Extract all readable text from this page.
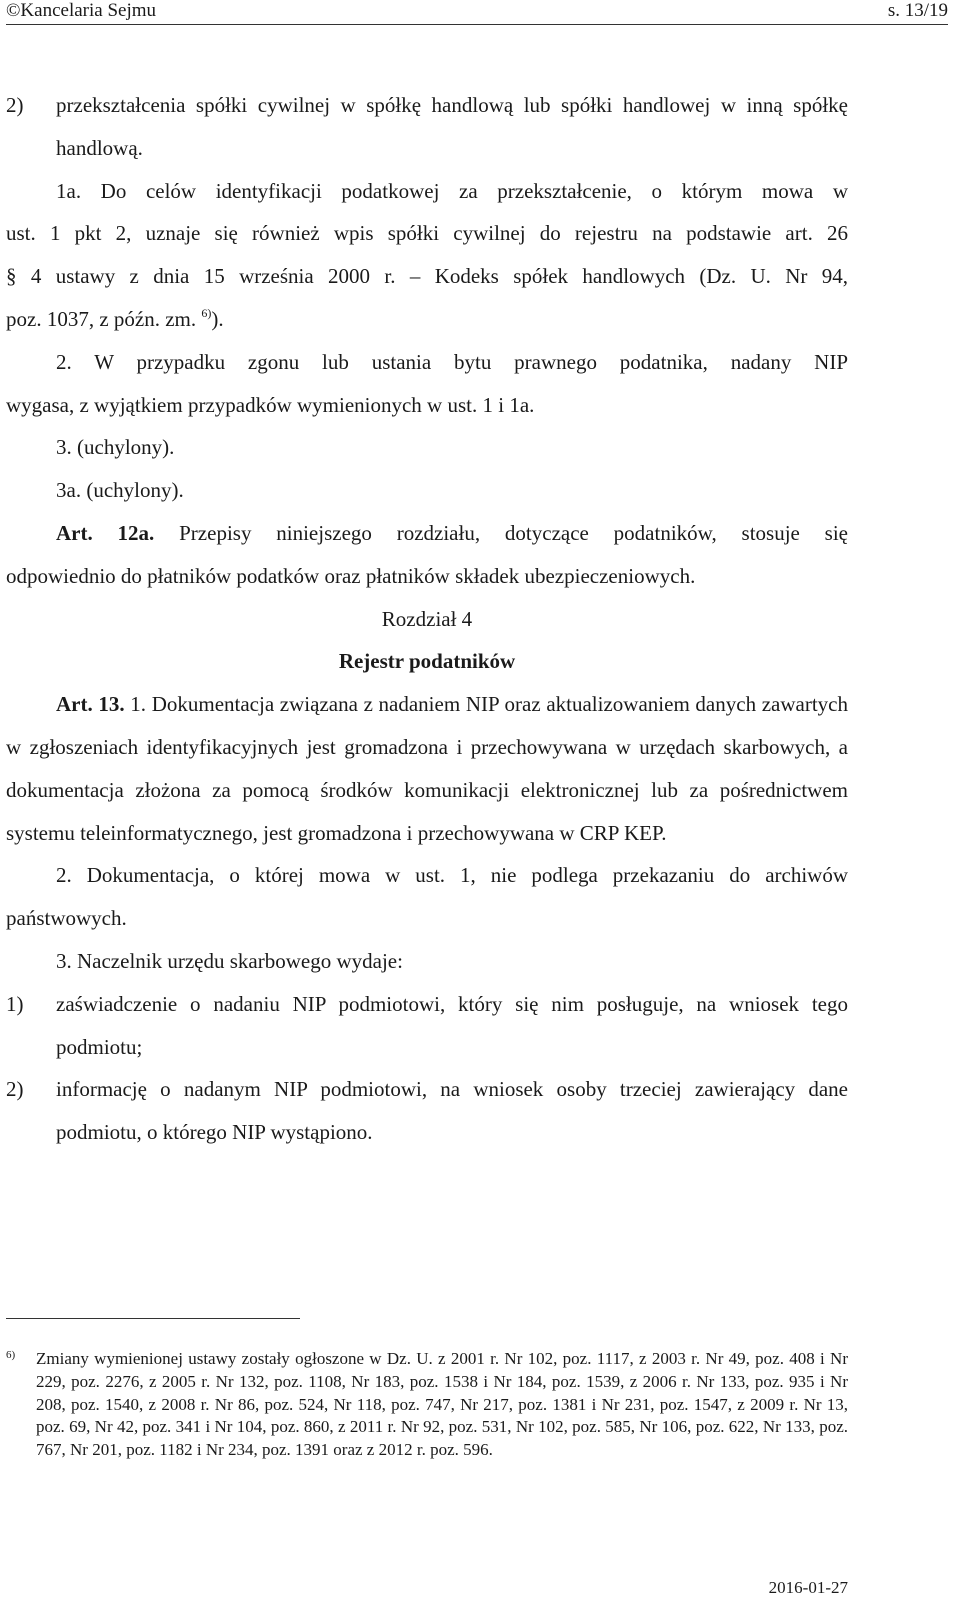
©Kancelaria Sejmu	s. 13/19
2)	przekształcenia spółki cywilnej w spółkę handlową lub spółki handlowej w inną spółkę handlową.

1a. Do celów identyfikacji podatkowej za przekształcenie, o którym mowa w

ust. 1 pkt 2, uznaje się również wpis spółki cywilnej do rejestru na podstawie art. 26

§ 4 ustawy z dnia 15 września 2000 r. – Kodeks spółek handlowych (Dz. U. Nr 94,

poz. 1037, z późn. zm. $^{6)}$).

2. W przypadku zgonu lub ustania bytu prawnego podatnika, nadany NIP

wygasa, z wyjątkiem przypadków wymienionych w ust. 1 i 1a.

3. (uchylony).

3a. (uchylony).

Art. 12a. Przepisy niniejszego rozdziału, dotyczące podatników, stosuje się

odpowiednio do płatników podatków oraz płatników składek ubezpieczeniowych.

Rozdział 4

Rejestr podatników

Art. 13. 1. Dokumentacja związana z nadaniem NIP oraz aktualizowaniem danych zawartych w zgłoszeniach identyfikacyjnych jest gromadzona i przechowywana w urzędach skarbowych, a dokumentacja złożona za pomocą środków komunikacji elektronicznej lub za pośrednictwem systemu teleinformatycznego, jest gromadzona i przechowywana w CRP KEP.

2. Dokumentacja, o której mowa w ust. 1, nie podlega przekazaniu do archiwów państwowych.

3. Naczelnik urzędu skarbowego wydaje:

1)	zaświadczenie o nadaniu NIP podmiotowi, który się nim posługuje, na wniosek tego podmiotu;
2)	informację o nadanym NIP podmiotowi, na wniosek osoby trzeciej zawierający dane podmiotu, o którego NIP wystąpiono.
6)	Zmiany wymienionej ustawy zostały ogłoszone w Dz. U. z 2001 r. Nr 102, poz. 1117, z 2003 r. Nr 49, poz. 408 i Nr 229, poz. 2276, z 2005 r. Nr 132, poz. 1108, Nr 183, poz. 1538 i Nr 184, poz. 1539, z 2006 r. Nr 133, poz. 935 i Nr 208, poz. 1540, z 2008 r. Nr 86, poz. 524, Nr 118, poz. 747, Nr 217, poz. 1381 i Nr 231, poz. 1547, z 2009 r. Nr 13, poz. 69, Nr 42, poz. 341 i Nr 104, poz. 860, z 2011 r. Nr 92, poz. 531, Nr 102, poz. 585, Nr 106, poz. 622, Nr 133, poz. 767, Nr 201, poz. 1182 i Nr 234, poz. 1391 oraz z 2012 r. poz. 596.
2016-01-27
